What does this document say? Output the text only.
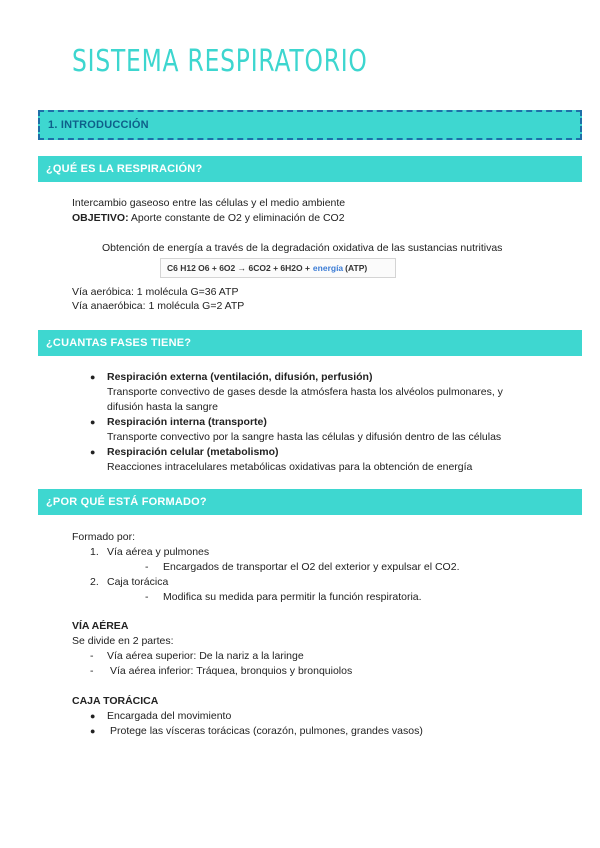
SISTEMA RESPIRATORIO
1. INTRODUCCIÓN
¿QUÉ ES LA RESPIRACIÓN?
Intercambio gaseoso entre las células y el medio ambiente
OBJETIVO: Aporte constante de O2 y eliminación de CO2
Obtención de energía a través de la degradación oxidativa de las sustancias nutritivas
C6 H12 O6 + 6O2 → 6CO2 + 6H2O + energía (ATP)
Vía aeróbica: 1 molécula G=36 ATP
Vía anaeróbica: 1 molécula G=2 ATP
¿CUANTAS FASES TIENE?
● Respiración externa (ventilación, difusión, perfusión)
Transporte convectivo de gases desde la atmósfera hasta los alvéolos pulmonares, y
difusión hasta la sangre
● Respiración interna (transporte)
Transporte convectivo por la sangre hasta las células y difusión dentro de las células
● Respiración celular (metabolismo)
Reacciones intracelulares metabólicas oxidativas para la obtención de energía
¿POR QUÉ ESTÁ FORMADO?
Formado por:
1. Vía aérea y pulmones
- Encargados de transportar el O2 del exterior y expulsar el CO2.
2. Caja torácica
- Modifica su medida para permitir la función respiratoria.
VÍA AÉREA
Se divide en 2 partes:
- Vía aérea superior: De la nariz a la laringe
- Vía aérea inferior: Tráquea, bronquios y bronquiolos
CAJA TORÁCICA
● Encargada del movimiento
● Protege las vísceras torácicas (corazón, pulmones, grandes vasos)
